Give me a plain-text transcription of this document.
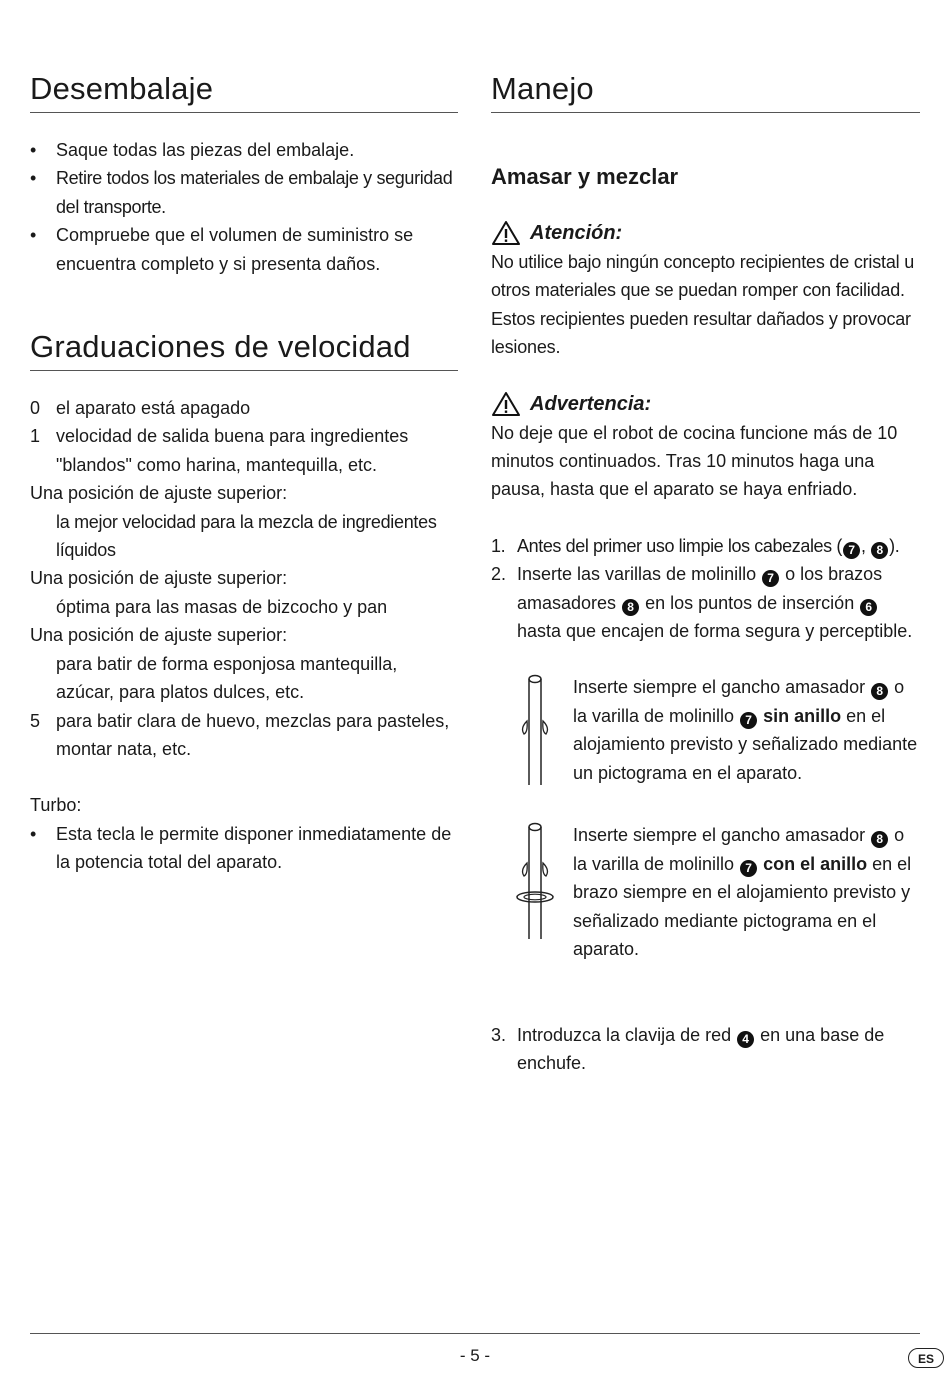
Desembalaje
•	Saque todas las piezas del embalaje.
•	Retire todos los materiales de embalaje y seguridad del transporte.
•	Compruebe que el volumen de suministro se encuentra completo y si presenta daños.
Graduaciones de velocidad
0 el aparato está apagado
1 velocidad de salida buena para ingredientes "blandos" como harina, mantequilla, etc.
Una posición de ajuste superior:
la mejor velocidad para la mezcla de ingredientes líquidos
Una posición de ajuste superior:
óptima para las masas de bizcocho y pan
Una posición de ajuste superior:
para batir de forma esponjosa mantequilla, azúcar, para platos dulces, etc.
5 para batir clara de huevo, mezclas para pasteles, montar nata, etc.
Turbo:
•	Esta tecla le permite disponer inmediatamente de la potencia total del aparato.
Manejo
Amasar y mezclar
Atención:
No utilice bajo ningún concepto recipientes de cristal u otros materiales que se puedan romper con facilidad. Estos recipientes pueden resultar dañados y provocar lesiones.
Advertencia:
No deje que el robot de cocina funcione más de 10 minutos continuados. Tras 10 minutos haga una pausa, hasta que el aparato se haya enfriado.
1. Antes del primer uso limpie los cabezales ( 7 , 8 ).
2. Inserte las varillas de molinillo 7 o los brazos amasadores 8 en los puntos de inserción 6 hasta que encajen de forma segura y perceptible.
Inserte siempre el gancho amasador 8 o la varilla de molinillo 7 sin anillo en el alojamiento previsto y señalizado mediante un pictograma en el aparato.
Inserte siempre el gancho amasador 8 o la varilla de molinillo 7 con el anillo en el brazo siempre en el alojamiento previsto y señalizado mediante pictograma en el aparato.
3. Introduzca la clavija de red 4 en una base de enchufe.
- 5 -	ES
